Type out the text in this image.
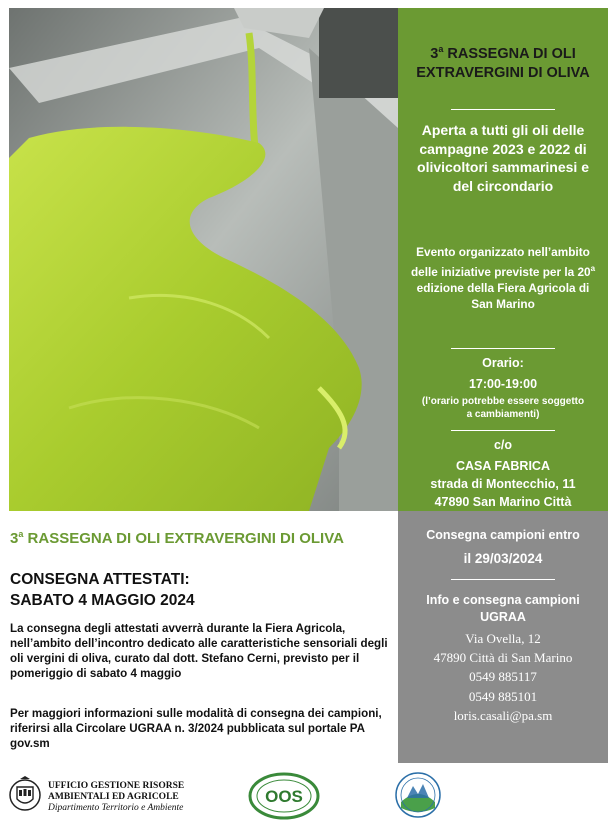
3$^a$ RASSEGNA DI OLI EXTRAVERGINI DI OLIVA
Aperta a tutti gli oli delle campagne 2023 e 2022 di olivicoltori sammarinesi e del circondario
Evento organizzato nell’ambito delle iniziative previste per la 20$^a$ edizione della Fiera Agricola di San Marino
Orario:
17:00-19:00
(l’orario potrebbe essere soggetto a cambiamenti)
c/o
CASA FABRICA
strada di Montecchio, 11
47890 San Marino Città
Consegna campioni entro
il 29/03/2024
Info e consegna campioni
UGRAA
Via Ovella, 12
47890 Città di San Marino
0549 885117
0549 885101
loris.casali@pa.sm
3$^a$ RASSEGNA DI OLI EXTRAVERGINI DI OLIVA
CONSEGNA ATTESTATI:
SABATO 4 MAGGIO 2024
La consegna degli attestati avverrà durante la Fiera Agricola, nell’ambito dell’incontro dedicato alle caratteristiche sensoriali degli oli vergini di oliva, curato dal dott. Stefano Cerni, previsto per il pomeriggio di sabato 4 maggio
Per maggiori informazioni sulle modalità di consegna dei campioni, riferirsi alla Circolare UGRAA n. 3/2024 pubblicata sul portale PA gov.sm
UFFICIO GESTIONE RISORSE
AMBIENTALI ED AGRICOLE
Dipartimento Territorio e Ambiente
OOS
